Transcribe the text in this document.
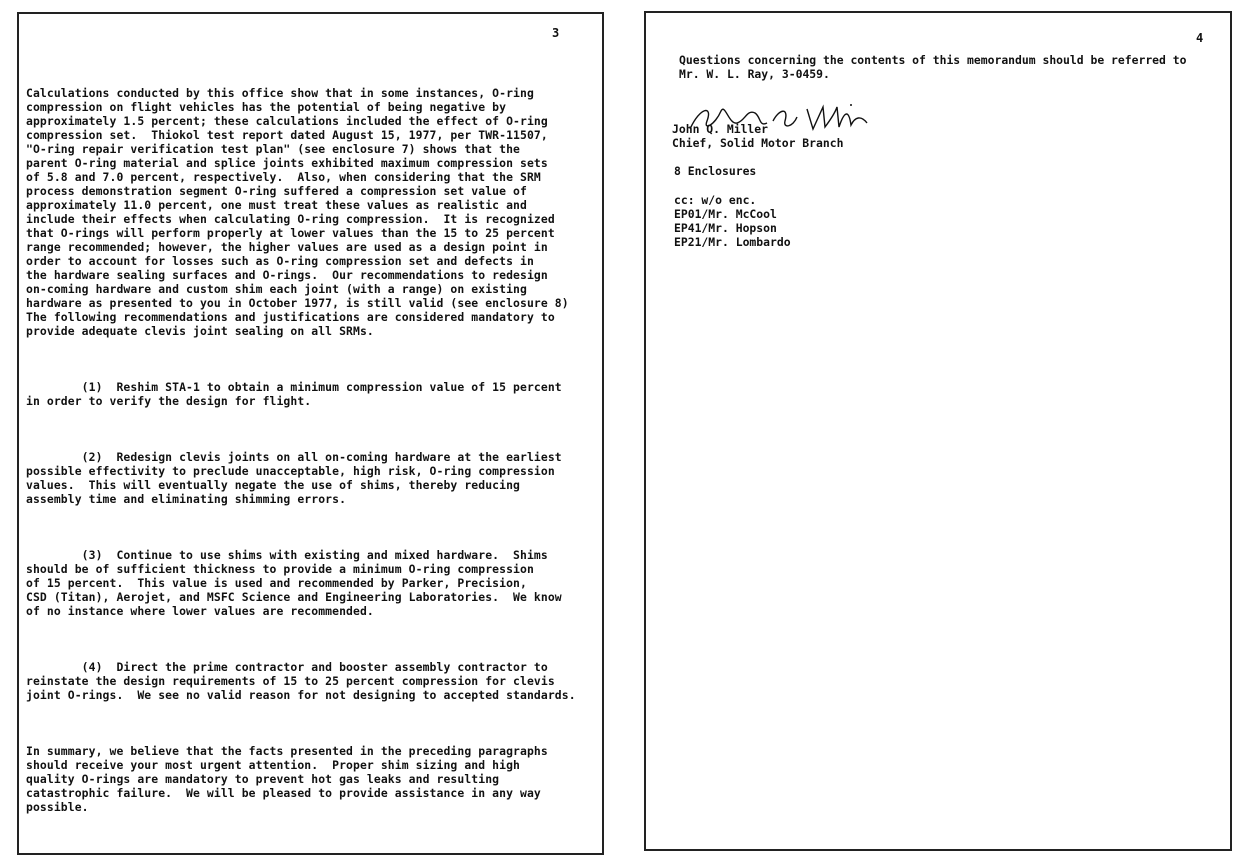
3

Calculations conducted by this office show that in some instances, O-ring
compression on flight vehicles has the potential of being negative by
approximately 1.5 percent; these calculations included the effect of O-ring
compression set.  Thiokol test report dated August 15, 1977, per TWR-11507,
"O-ring repair verification test plan" (see enclosure 7) shows that the
parent O-ring material and splice joints exhibited maximum compression sets
of 5.8 and 7.0 percent, respectively.  Also, when considering that the SRM
process demonstration segment O-ring suffered a compression set value of
approximately 11.0 percent, one must treat these values as realistic and
include their effects when calculating O-ring compression.  It is recognized
that O-rings will perform properly at lower values than the 15 to 25 percent
range recommended; however, the higher values are used as a design point in
order to account for losses such as O-ring compression set and defects in
the hardware sealing surfaces and O-rings.  Our recommendations to redesign
on-coming hardware and custom shim each joint (with a range) on existing
hardware as presented to you in October 1977, is still valid (see enclosure 8)
The following recommendations and justifications are considered mandatory to
provide adequate clevis joint sealing on all SRMs.

(1)  Reshim STA-1 to obtain a minimum compression value of 15 percent
in order to verify the design for flight.

(2)  Redesign clevis joints on all on-coming hardware at the earliest
possible effectivity to preclude unacceptable, high risk, O-ring compression
values.  This will eventually negate the use of shims, thereby reducing
assembly time and eliminating shimming errors.

(3)  Continue to use shims with existing and mixed hardware.  Shims
should be of sufficient thickness to provide a minimum O-ring compression
of 15 percent.  This value is used and recommended by Parker, Precision,
CSD (Titan), Aerojet, and MSFC Science and Engineering Laboratories.  We know
of no instance where lower values are recommended.

(4)  Direct the prime contractor and booster assembly contractor to
reinstate the design requirements of 15 to 25 percent compression for clevis
joint O-rings.  We see no valid reason for not designing to accepted standards.

In summary, we believe that the facts presented in the preceding paragraphs
should receive your most urgent attention.  Proper shim sizing and high
quality O-rings are mandatory to prevent hot gas leaks and resulting
catastrophic failure.  We will be pleased to provide assistance in any way
possible.

4
Questions concerning the contents of this memorandum should be referred to
Mr. W. L. Ray, 3-0459.

John Q. Miller
Chief, Solid Motor Branch
8 Enclosures
cc: w/o enc.
EP01/Mr. McCool
EP41/Mr. Hopson
EP21/Mr. Lombardo
